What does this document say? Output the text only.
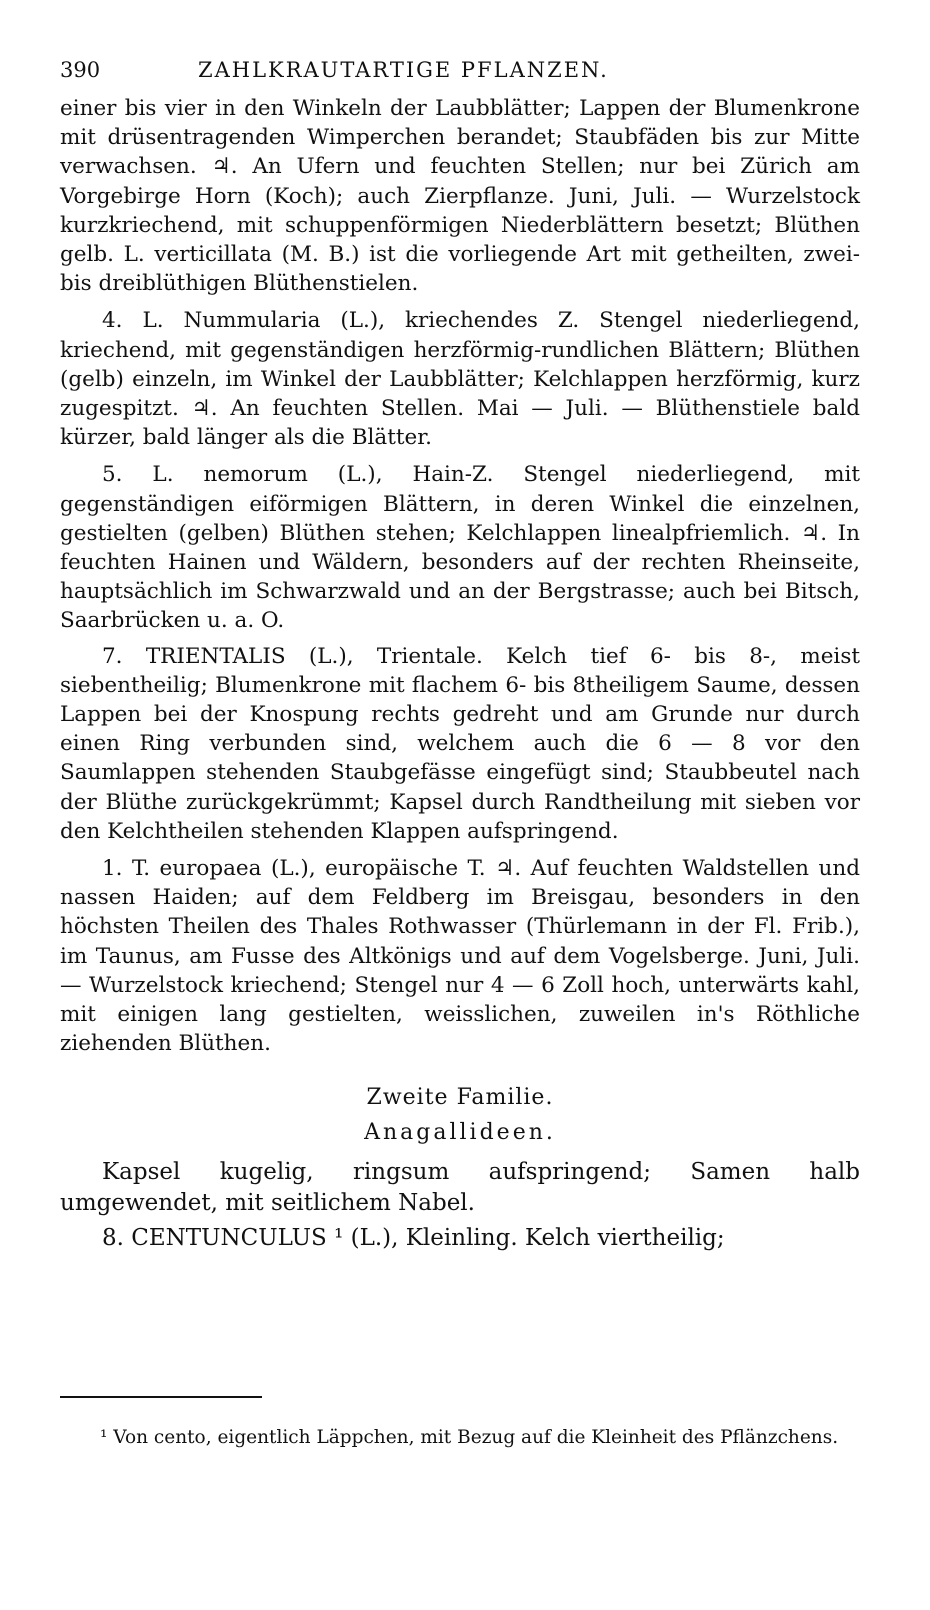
390	ZAHLKRAUTARTIGE PFLANZEN.

einer bis vier in den Winkeln der Laubblätter; Lappen der Blumenkrone mit drüsentragenden Wimperchen berandet; Staubfäden bis zur Mitte verwachsen. ♃. An Ufern und feuchten Stellen; nur bei Zürich am Vorgebirge Horn (Koch); auch Zierpflanze. Juni, Juli. — Wurzelstock kurzkriechend, mit schuppenförmigen Niederblättern besetzt; Blüthen gelb. L. verticillata (M. B.) ist die vorliegende Art mit getheilten, zwei- bis dreiblüthigen Blüthenstielen.

4. L. Nummularia (L.), kriechendes Z. Stengel niederliegend, kriechend, mit gegenständigen herzförmig-rundlichen Blättern; Blüthen (gelb) einzeln, im Winkel der Laubblätter; Kelchlappen herzförmig, kurz zugespitzt. ♃. An feuchten Stellen. Mai — Juli. — Blüthenstiele bald kürzer, bald länger als die Blätter.

5. L. nemorum (L.), Hain-Z. Stengel niederliegend, mit gegenständigen eiförmigen Blättern, in deren Winkel die einzelnen, gestielten (gelben) Blüthen stehen; Kelchlappen linealpfriemlich. ♃. In feuchten Hainen und Wäldern, besonders auf der rechten Rheinseite, hauptsächlich im Schwarzwald und an der Bergstrasse; auch bei Bitsch, Saarbrücken u. a. O.

7. TRIENTALIS (L.), Trientale. Kelch tief 6- bis 8-, meist siebentheilig; Blumenkrone mit flachem 6- bis 8theiligem Saume, dessen Lappen bei der Knospung rechts gedreht und am Grunde nur durch einen Ring verbunden sind, welchem auch die 6 — 8 vor den Saumlappen stehenden Staubgefässe eingefügt sind; Staubbeutel nach der Blüthe zurückgekrümmt; Kapsel durch Randtheilung mit sieben vor den Kelchtheilen stehenden Klappen aufspringend.

1. T. europaea (L.), europäische T. ♃. Auf feuchten Waldstellen und nassen Haiden; auf dem Feldberg im Breisgau, besonders in den höchsten Theilen des Thales Rothwasser (Thürlemann in der Fl. Frib.), im Taunus, am Fusse des Altkönigs und auf dem Vogelsberge. Juni, Juli. — Wurzelstock kriechend; Stengel nur 4 — 6 Zoll hoch, unterwärts kahl, mit einigen lang gestielten, weisslichen, zuweilen in's Röthliche ziehenden Blüthen.

Zweite Familie.

Anagallideen.

Kapsel kugelig, ringsum aufspringend; Samen halb umgewendet, mit seitlichem Nabel.

8. CENTUNCULUS ¹ (L.), Kleinling. Kelch viertheilig;

¹ Von cento, eigentlich Läppchen, mit Bezug auf die Kleinheit des Pflänzchens.
